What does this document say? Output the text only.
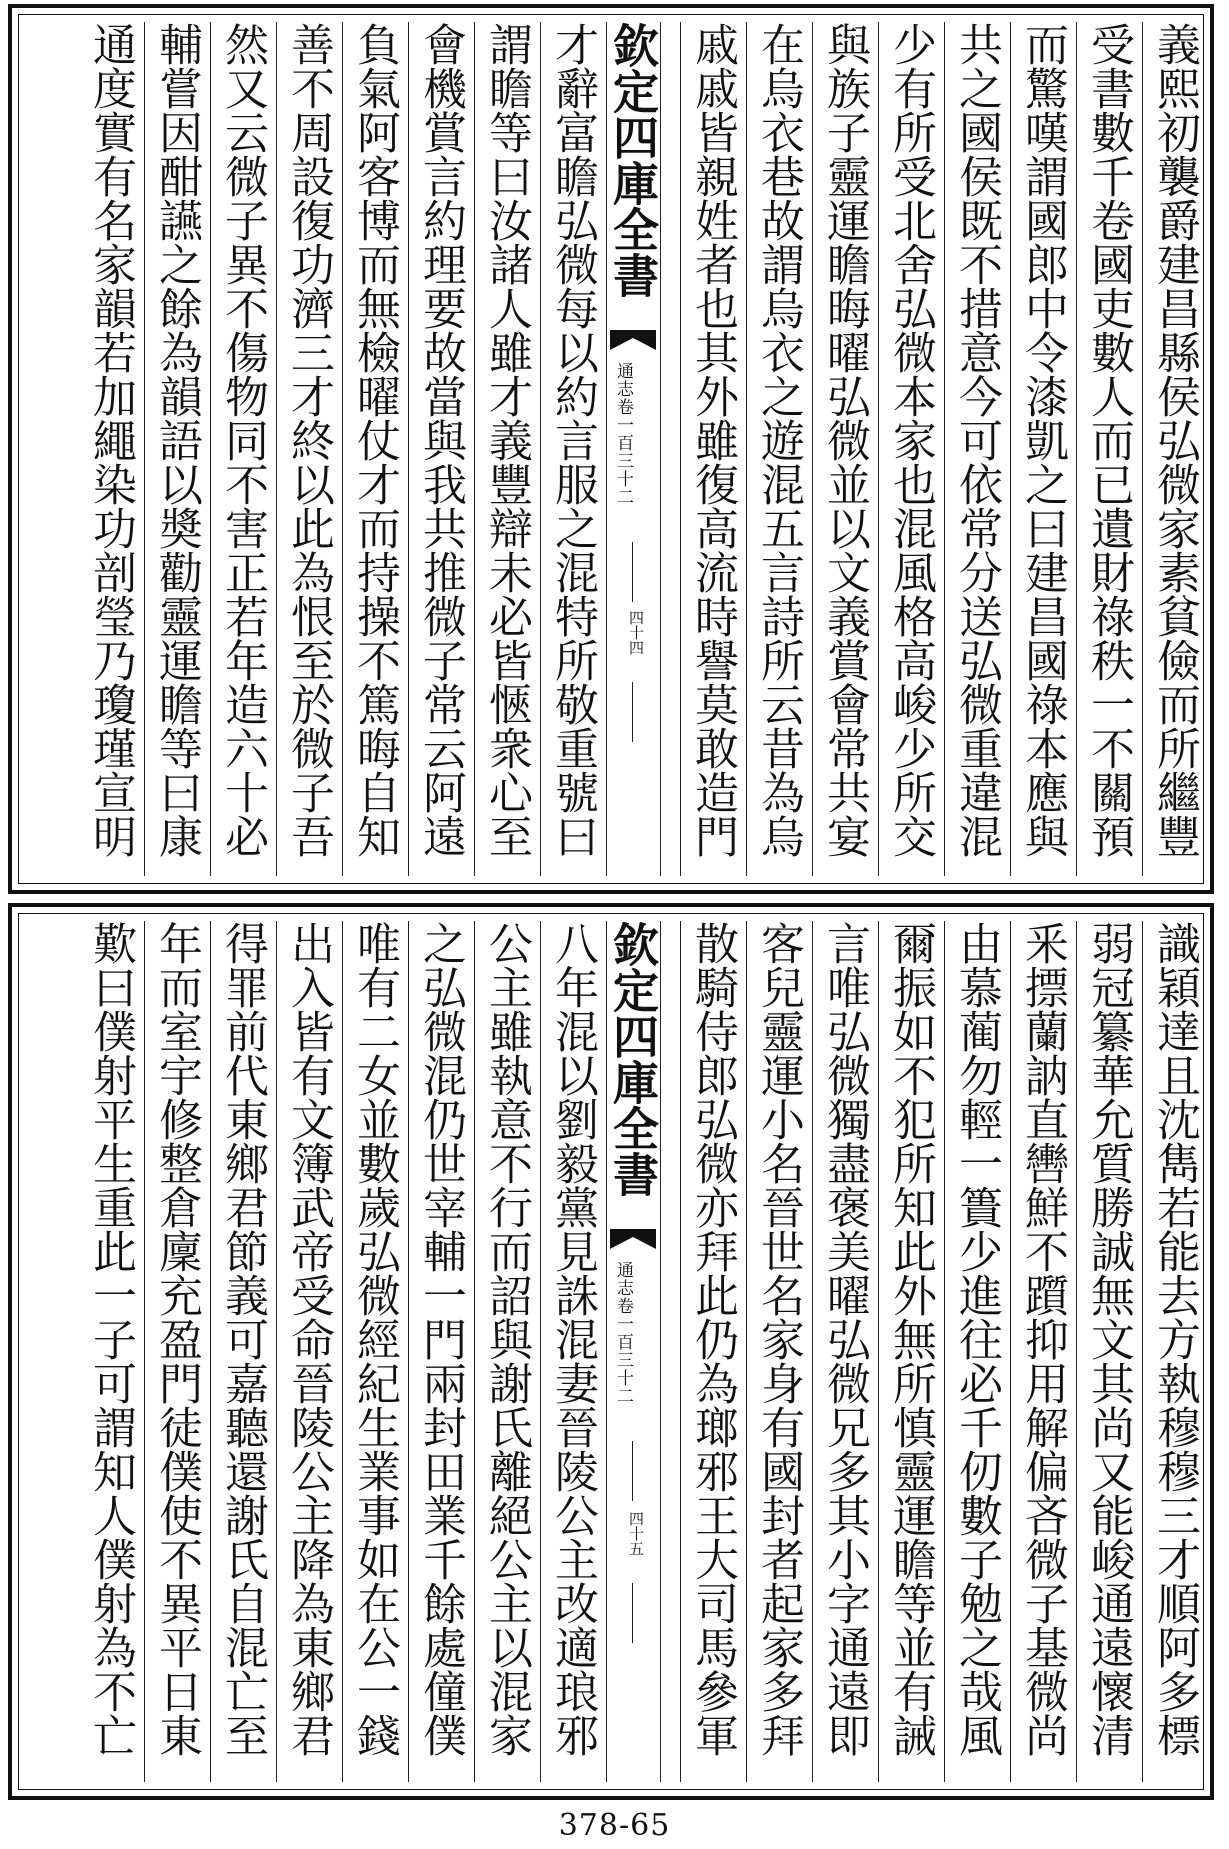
義熙初襲爵建昌縣侯弘微家素貧儉而所繼豐
受書數千卷國吏數人而已遺財祿秩一不關預
而驚嘆謂國郎中令漆凱之曰建昌國祿本應與
共之國侯既不措意今可依常分送弘微重違混
少有所受北舍弘微本家也混風格高峻少所交
與族子靈運瞻晦曜弘微並以文義賞會常共宴
在烏衣巷故謂烏衣之遊混五言詩所云昔為烏
戚戚皆親姓者也其外雖復高流時譽莫敢造門
欽定四庫全書
通志卷一百三十二
四十四
才辭富瞻弘微每以約言服之混特所敬重號曰
謂瞻等曰汝諸人雖才義豐辯未必皆愜衆心至
會機賞言約理要故當與我共推微子常云阿遠
負氣阿客博而無檢曜仗才而持操不篤晦自知
善不周設復功濟三才終以此為恨至於微子吾
然又云微子異不傷物同不害正若年造六十必
輔嘗因酣讌之餘為韻語以奬勸靈運瞻等曰康
通度實有名家韻若加繩染功剖瑩乃瓊瑾宣明
識穎達且沈雋若能去方執穆穆三才順阿多標
弱冠纂華允質勝誠無文其尚又能峻通遠懷清
釆摽蘭訥直轡鮮不躓抑用解偏吝微子基微尚
由慕蔺勿輕一簣少進往必千仞數子勉之哉風
爾振如不犯所知此外無所慎靈運瞻等並有誡
言唯弘微獨盡褒美曜弘微兄多其小字通遠即
客兒靈運小名晉世名家身有國封者起家多拜
散騎侍郎弘微亦拜此仍為瑯邪王大司馬參軍
欽定四庫全書
通志卷一百三十二
四十五
八年混以劉毅黨見誅混妻晉陵公主改適琅邪
公主雖執意不行而詔與謝氏離絕公主以混家
之弘微混仍世宰輔一門兩封田業千餘處僮僕
唯有二女並數歲弘微經紀生業事如在公一錢
出入皆有文簿武帝受命晉陵公主降為東鄉君
得罪前代東鄉君節義可嘉聽還謝氏自混亡至
年而室宇修整倉廩充盈門徒僕使不異平日東
歎曰僕射平生重此一子可謂知人僕射為不亡
378-65
